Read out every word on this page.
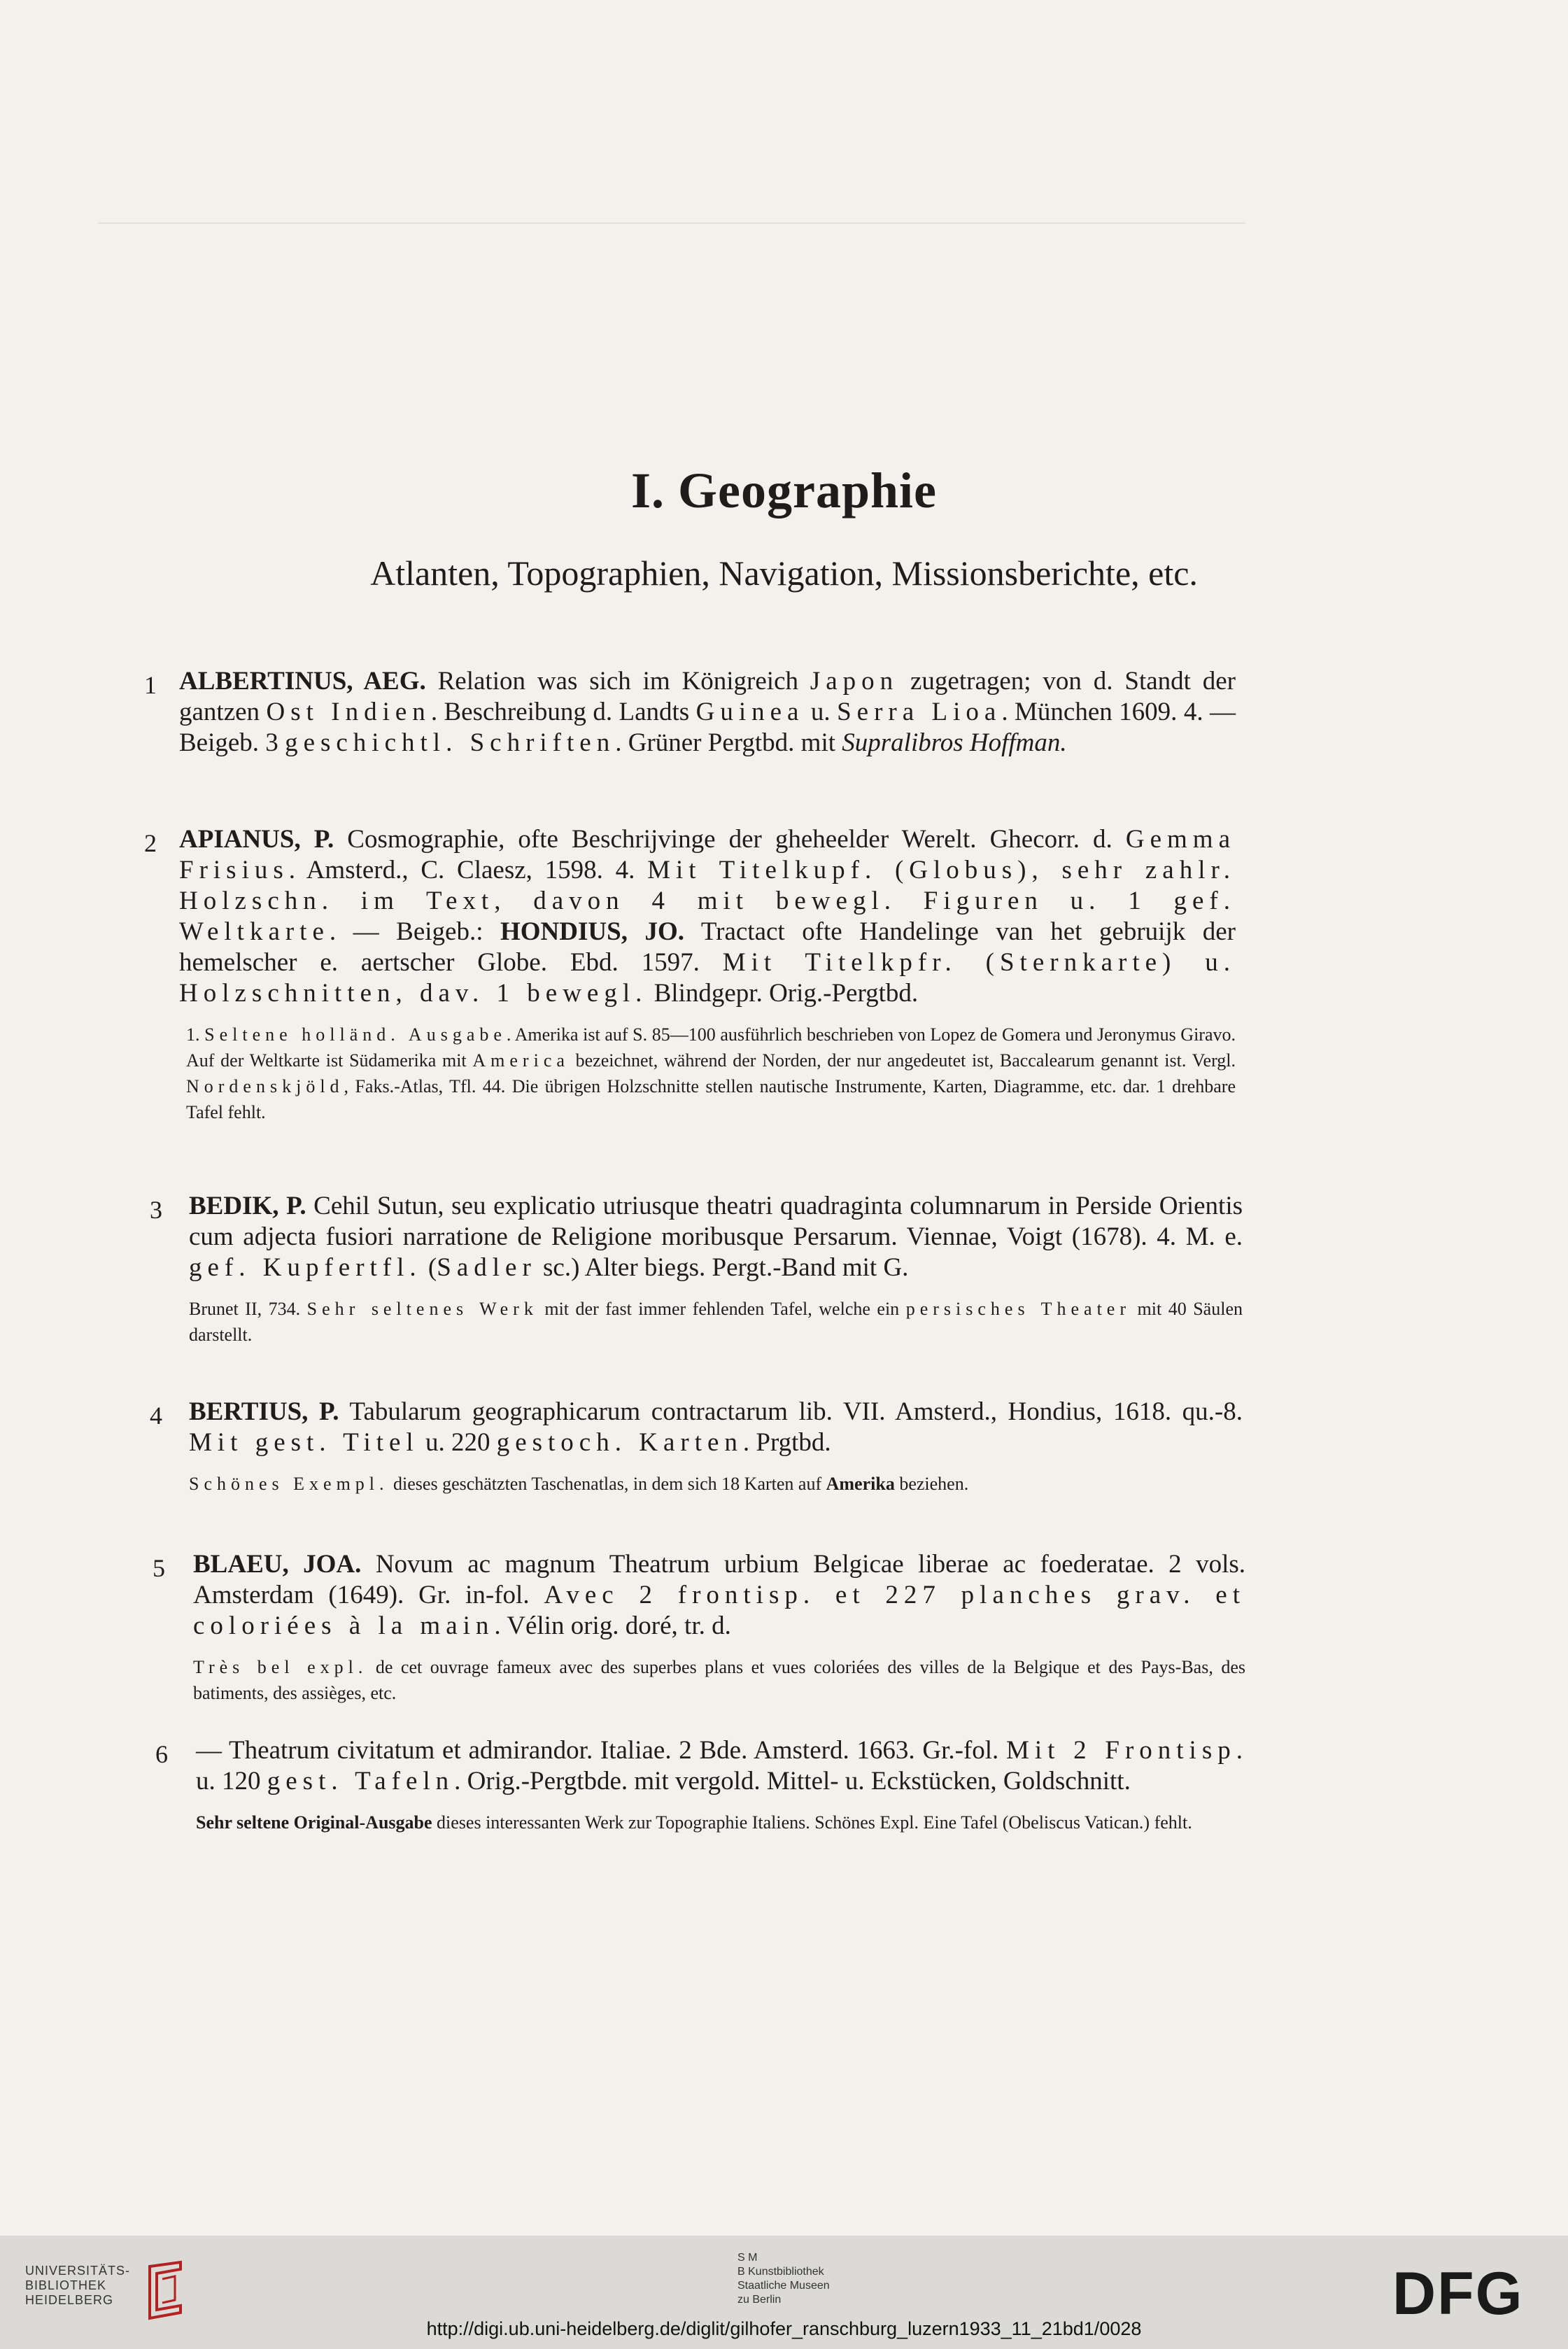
I. Geographie
Atlanten, Topographien, Navigation, Missionsberichte, etc.
1 ALBERTINUS, AEG. Relation was sich im Königreich Japon zugetragen; von d. Standt der gantzen Ost Indien. Beschreibung d. Landts Guinea u. Serra Lioa. München 1609. 4. — Beigeb. 3 geschichtl. Schriften. Grüner Pergtbd. mit Supralibros Hoffman.
2 APIANUS, P. Cosmographie, ofte Beschrijvinge der gheheelder Werelt. Ghecorr. d. Gemma Frisius. Amsterd., C. Claesz, 1598. 4. Mit Titelkupf. (Globus), sehr zahlr. Holzschn. im Text, davon 4 mit bewegl. Figuren u. 1 gef. Weltkarte. — Beigeb.: HONDIUS, JO. Tractact ofte Handelinge van het gebruijk der hemelscher e. aertscher Globe. Ebd. 1597. Mit Titelkpfr. (Sternkarte) u. Holzschnitten, dav. 1 bewegl. Blindgepr. Orig.-Pergtbd.
1. Seltene holländ. Ausgabe. Amerika ist auf S. 85—100 ausführlich beschrieben von Lopez de Gomera und Jeronymus Giravo. Auf der Weltkarte ist Südamerika mit America bezeichnet, während der Norden, der nur angedeutet ist, Baccalearum genannt ist. Vergl. Nordenskjöld, Faks.-Atlas, Tfl. 44. Die übrigen Holzschnitte stellen nautische Instrumente, Karten, Diagramme, etc. dar. 1 drehbare Tafel fehlt.
3 BEDIK, P. Cehil Sutun, seu explicatio utriusque theatri quadraginta columnarum in Perside Orientis cum adjecta fusiori narratione de Religione moribusque Persarum. Viennae, Voigt (1678). 4. M. e. gef. Kupfertfl. (Sadler sc.) Alter biegs. Pergt.-Band mit G.
Brunet II, 734. Sehr seltenes Werk mit der fast immer fehlenden Tafel, welche ein persisches Theater mit 40 Säulen darstellt.
4 BERTIUS, P. Tabularum geographicarum contractarum lib. VII. Amsterd., Hondius, 1618. qu.-8. Mit gest. Titel u. 220 gestoch. Karten. Prgtbd.
Schönes Exempl. dieses geschätzten Taschenatlas, in dem sich 18 Karten auf Amerika beziehen.
5 BLAEU, JOA. Novum ac magnum Theatrum urbium Belgicae liberae ac foederatae. 2 vols. Amsterdam (1649). Gr. in-fol. Avec 2 frontisp. et 227 planches grav. et coloriées à la main. Vélin orig. doré, tr. d.
Très bel expl. de cet ouvrage fameux avec des superbes plans et vues coloriées des villes de la Belgique et des Pays-Bas, des batiments, des assièges, etc.
6 — Theatrum civitatum et admirandor. Italiae. 2 Bde. Amsterd. 1663. Gr.-fol. Mit 2 Frontisp. u. 120 gest. Tafeln. Orig.-Pergtbde. mit vergold. Mittel- u. Eckstücken, Goldschnitt.
Sehr seltene Original-Ausgabe dieses interessanten Werk zur Topographie Italiens. Schönes Expl. Eine Tafel (Obeliscus Vatican.) fehlt.
UNIVERSITÄTS-
BIBLIOTHEK
HEIDELBERG
S M
B Kunstbibliothek
Staatliche Museen
zu Berlin	DFG
http://digi.ub.uni-heidelberg.de/diglit/gilhofer_ranschburg_luzern1933_11_21bd1/0028
